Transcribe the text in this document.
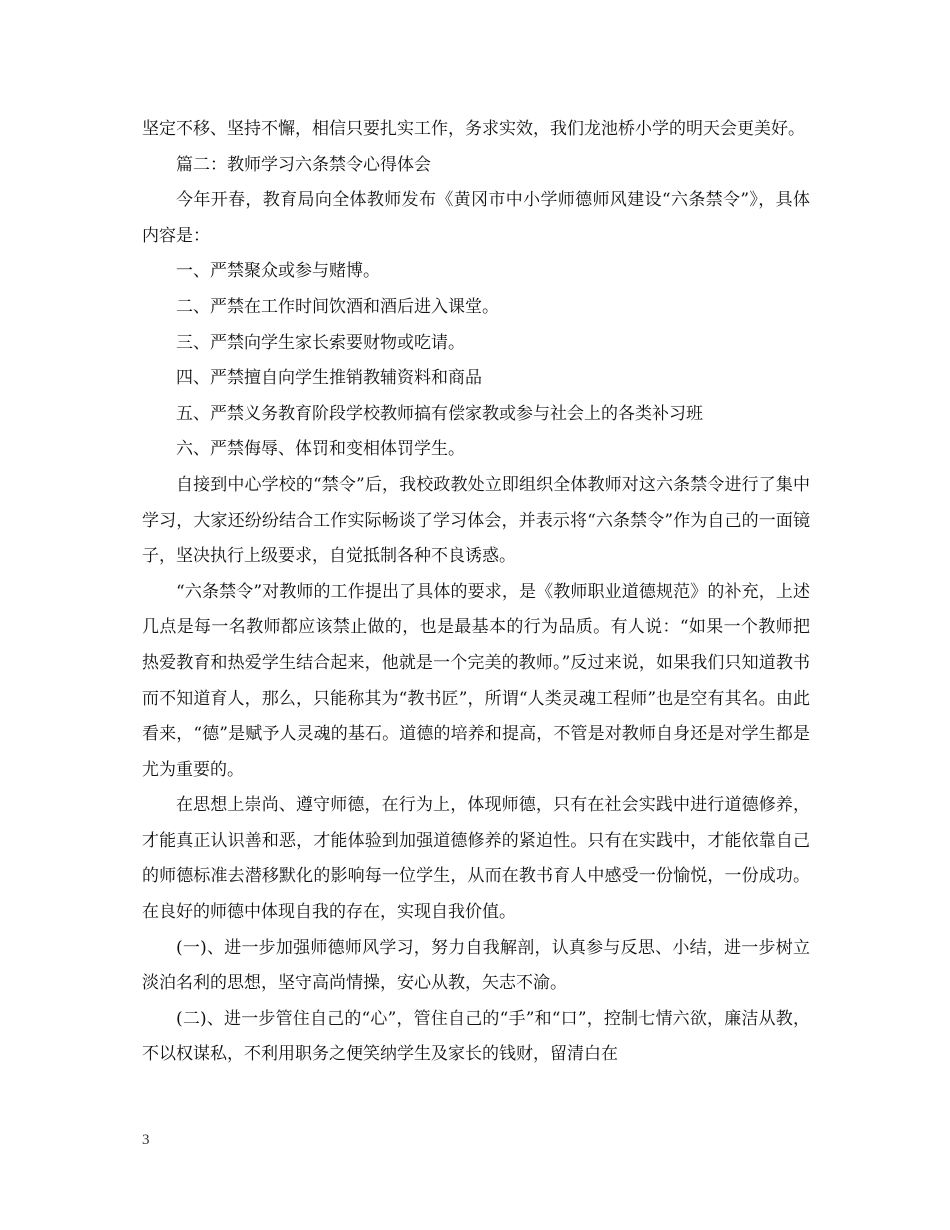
坚定不移、坚持不懈，相信只要扎实工作，务求实效，我们龙池桥小学的明天会更美好。

篇二：教师学习六条禁令心得体会

今年开春，教育局向全体教师发布《黄冈市中小学师德师风建设“六条禁令”》，具体内容是：

一、严禁聚众或参与赌博。

二、严禁在工作时间饮酒和酒后进入课堂。

三、严禁向学生家长索要财物或吃请。

四、严禁擅自向学生推销教辅资料和商品

五、严禁义务教育阶段学校教师搞有偿家教或参与社会上的各类补习班

六、严禁侮辱、体罚和变相体罚学生。

自接到中心学校的“禁令”后，我校政教处立即组织全体教师对这六条禁令进行了集中学习，大家还纷纷结合工作实际畅谈了学习体会，并表示将“六条禁令”作为自己的一面镜子，坚决执行上级要求，自觉抵制各种不良诱惑。

“六条禁令”对教师的工作提出了具体的要求，是《教师职业道德规范》的补充，上述几点是每一名教师都应该禁止做的，也是最基本的行为品质。有人说：“如果一个教师把热爱教育和热爱学生结合起来，他就是一个完美的教师。”反过来说，如果我们只知道教书而不知道育人，那么，只能称其为“教书匠”，所谓“人类灵魂工程师”也是空有其名。由此看来，“德”是赋予人灵魂的基石。道德的培养和提高，不管是对教师自身还是对学生都是尤为重要的。

在思想上崇尚、遵守师德，在行为上，体现师德，只有在社会实践中进行道德修养，才能真正认识善和恶，才能体验到加强道德修养的紧迫性。只有在实践中，才能依靠自己的师德标准去潜移默化的影响每一位学生，从而在教书育人中感受一份愉悦，一份成功。在良好的师德中体现自我的存在，实现自我价值。

(一)、进一步加强师德师风学习，努力自我解剖，认真参与反思、小结，进一步树立淡泊名利的思想，坚守高尚情操，安心从教，矢志不渝。

(二)、进一步管住自己的“心”，管住自己的“手”和“口”，控制七情六欲，廉洁从教，不以权谋私，不利用职务之便笑纳学生及家长的钱财，留清白在

3
